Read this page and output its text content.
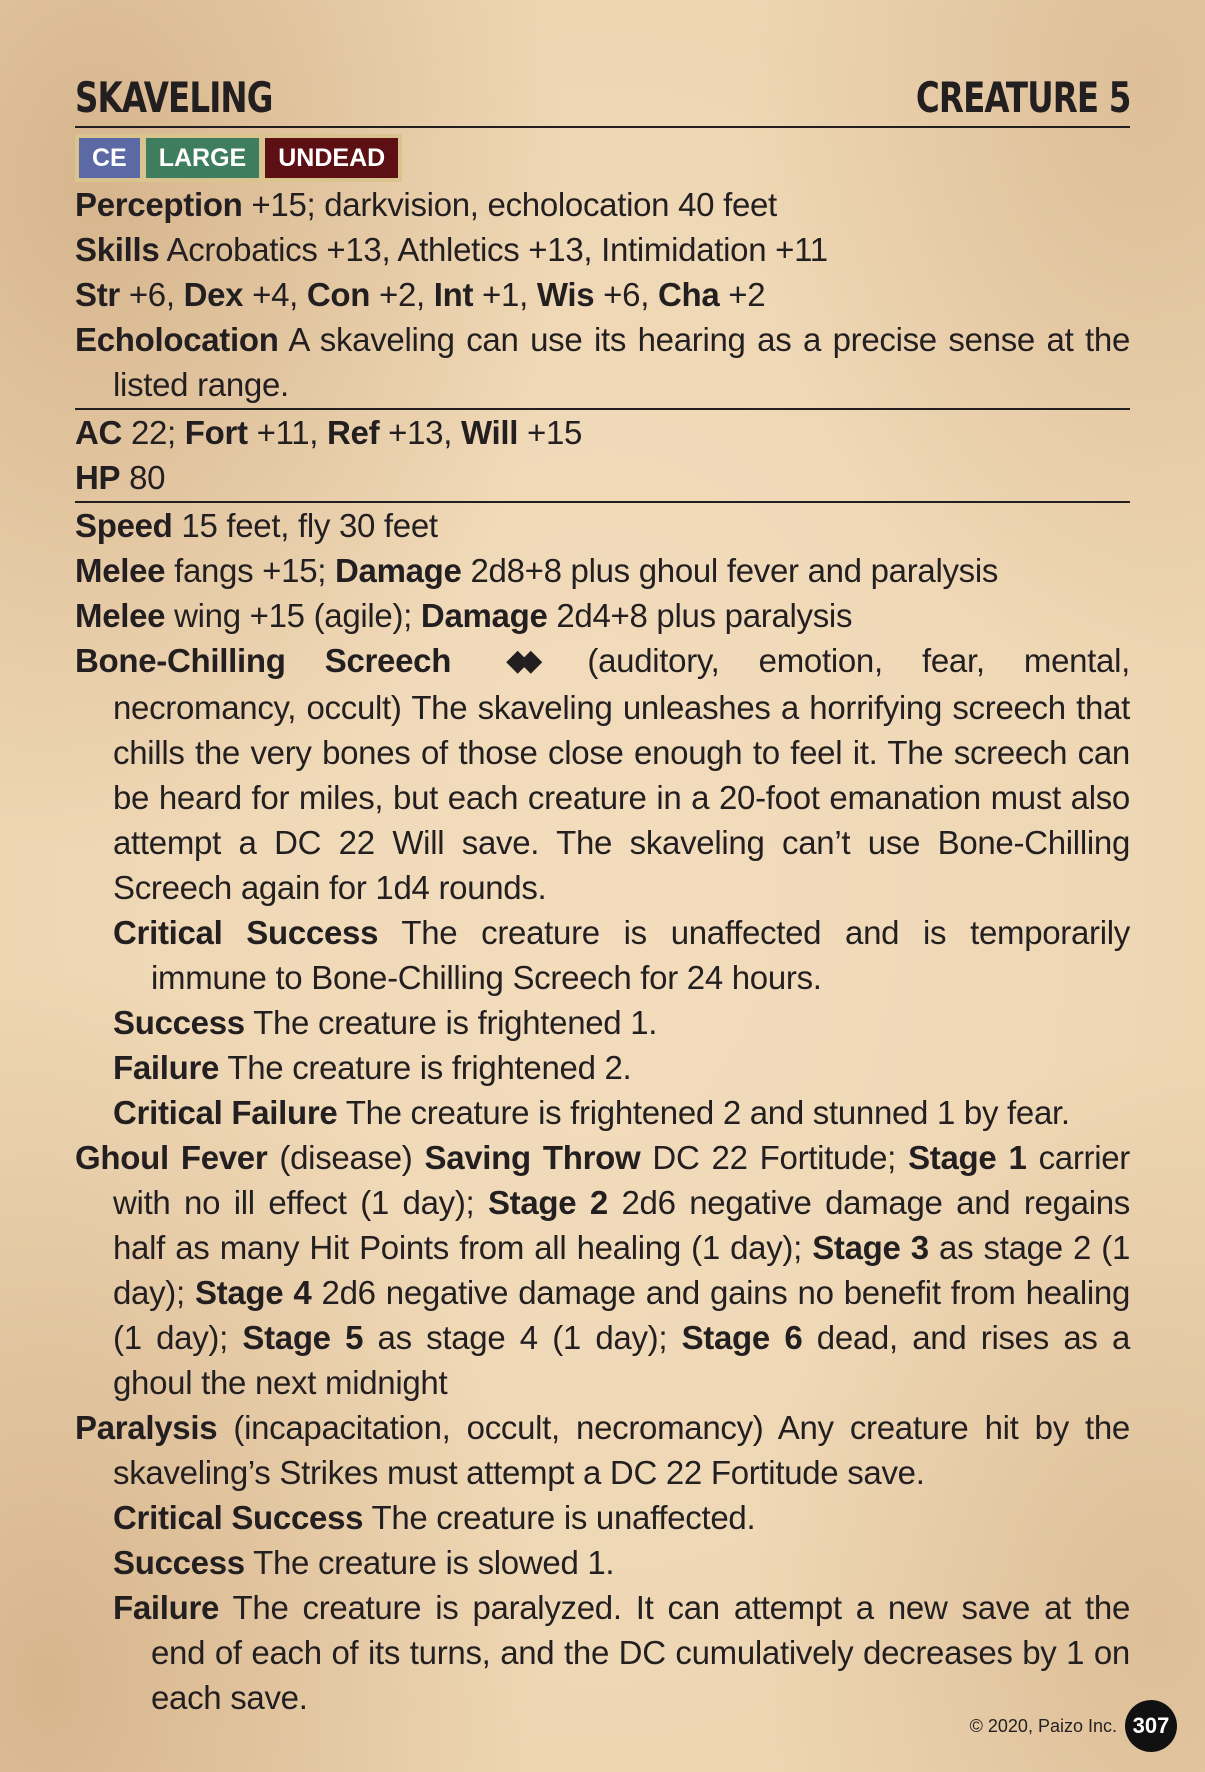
SKAVELING	CREATURE 5
CE	LARGE	UNDEAD
Perception +15; darkvision, echolocation 40 feet
Skills Acrobatics +13, Athletics +13, Intimidation +11
Str +6, Dex +4, Con +2, Int +1, Wis +6, Cha +2
Echolocation A skaveling can use its hearing as a precise sense at the listed range.
AC 22; Fort +11, Ref +13, Will +15
HP 80
Speed 15 feet, fly 30 feet
Melee fangs +15; Damage 2d8+8 plus ghoul fever and paralysis
Melee wing +15 (agile); Damage 2d4+8 plus paralysis
Bone-Chilling Screech ◆◆ (auditory, emotion, fear, mental, necromancy, occult) The skaveling unleashes a horrifying screech that chills the very bones of those close enough to feel it. The screech can be heard for miles, but each creature in a 20-foot emanation must also attempt a DC 22 Will save. The skaveling can’t use Bone-Chilling Screech again for 1d4 rounds.
Critical Success The creature is unaffected and is temporarily immune to Bone-Chilling Screech for 24 hours.
Success The creature is frightened 1.
Failure The creature is frightened 2.
Critical Failure The creature is frightened 2 and stunned 1 by fear.
Ghoul Fever (disease) Saving Throw DC 22 Fortitude; Stage 1 carrier with no ill effect (1 day); Stage 2 2d6 negative damage and regains half as many Hit Points from all healing (1 day); Stage 3 as stage 2 (1 day); Stage 4 2d6 negative damage and gains no benefit from healing (1 day); Stage 5 as stage 4 (1 day); Stage 6 dead, and rises as a ghoul the next midnight
Paralysis (incapacitation, occult, necromancy) Any creature hit by the skaveling’s Strikes must attempt a DC 22 Fortitude save.
Critical Success The creature is unaffected.
Success The creature is slowed 1.
Failure The creature is paralyzed. It can attempt a new save at the end of each of its turns, and the DC cumulatively decreases by 1 on each save.
© 2020, Paizo Inc. 307
